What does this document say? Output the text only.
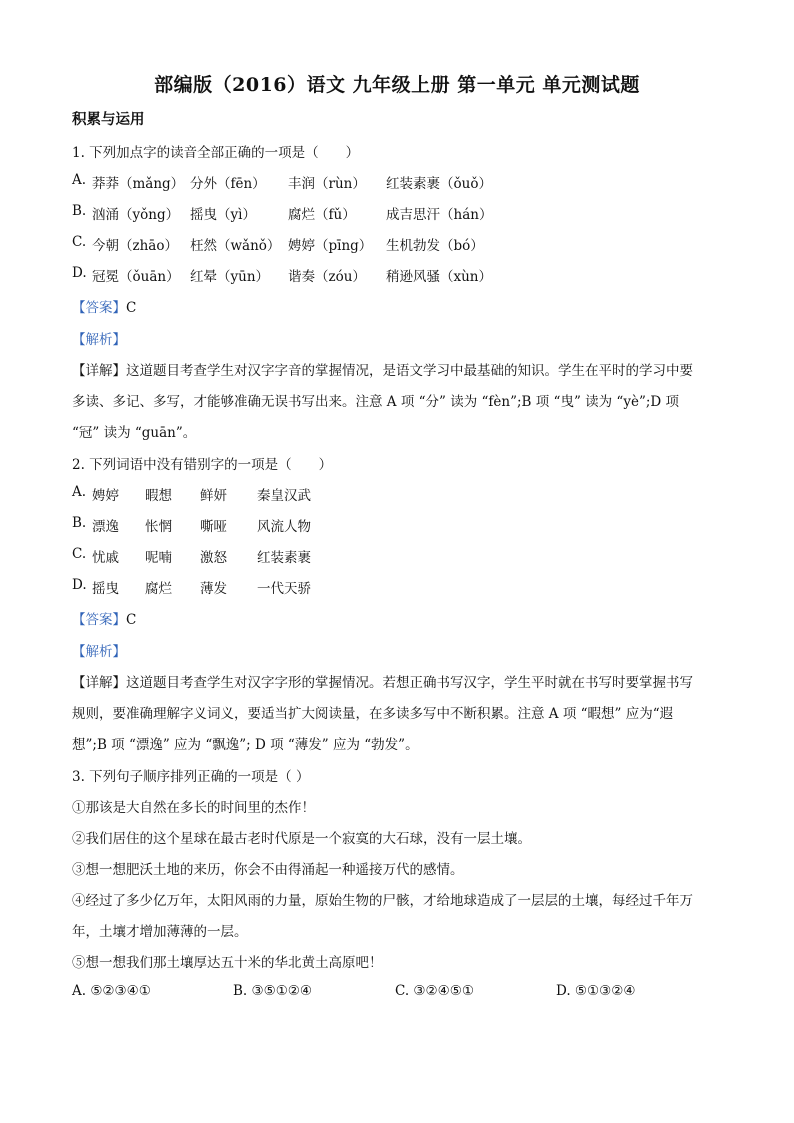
部编版（2016）语文 九年级上册 第一单元 单元测试题
积累与运用
1. 下列加点字的读音全部正确的一项是（　　）
A. 莽莽（mǎng） 分外（fēn） 丰润（rùn） 红装素裹（ǒuǒ）
B. 汹涌（yǒng） 摇曳（yì） 腐烂（fǔ） 成吉思汗（hán）
C. 今朝（zhāo） 枉然（wǎnǒ） 娉婷（pīng） 生机勃发（bó）
D. 冠冕（ǒuān） 红晕（yūn） 谐奏（zóu） 稍逊风骚（xùn）
【答案】C
【解析】
【详解】这道题目考查学生对汉字字音的掌握情况，是语文学习中最基础的知识。学生在平时的学习中要
多读、多记、多写，才能够准确无误书写出来。注意 A 项 “分” 读为 “fèn”;B 项 “曳” 读为 “yè”;D 项
“冠” 读为 “guān”。
2. 下列词语中没有错别字的一项是（　　）
A. 娉婷 暇想 鲜妍 秦皇汉武
B. 漂逸 怅惘 嘶哑 风流人物
C. 忧戚 呢喃 激怒 红装素裹
D. 摇曳 腐烂 薄发 一代天骄
【答案】C
【解析】
【详解】这道题目考查学生对汉字字形的掌握情况。若想正确书写汉字，学生平时就在书写时要掌握书写
规则，要准确理解字义词义，要适当扩大阅读量，在多读多写中不断积累。注意 A 项 “暇想” 应为“遐
想”;B 项 “漂逸” 应为 “飘逸”; D 项 “薄发” 应为 “勃发”。
3. 下列句子顺序排列正确的一项是（ ）
①那该是大自然在多长的时间里的杰作！
②我们居住的这个星球在最古老时代原是一个寂寞的大石球，没有一层土壤。
③想一想肥沃土地的来历，你会不由得涌起一种遥接万代的感情。
④经过了多少亿万年，太阳风雨的力量，原始生物的尸骸，才给地球造成了一层层的土壤，每经过千年万
年，土壤才增加薄薄的一层。
⑤想一想我们那土壤厚达五十米的华北黄土高原吧！
A. ⑤②③④①	B. ③⑤①②④	C. ③②④⑤①	D. ⑤①③②④
